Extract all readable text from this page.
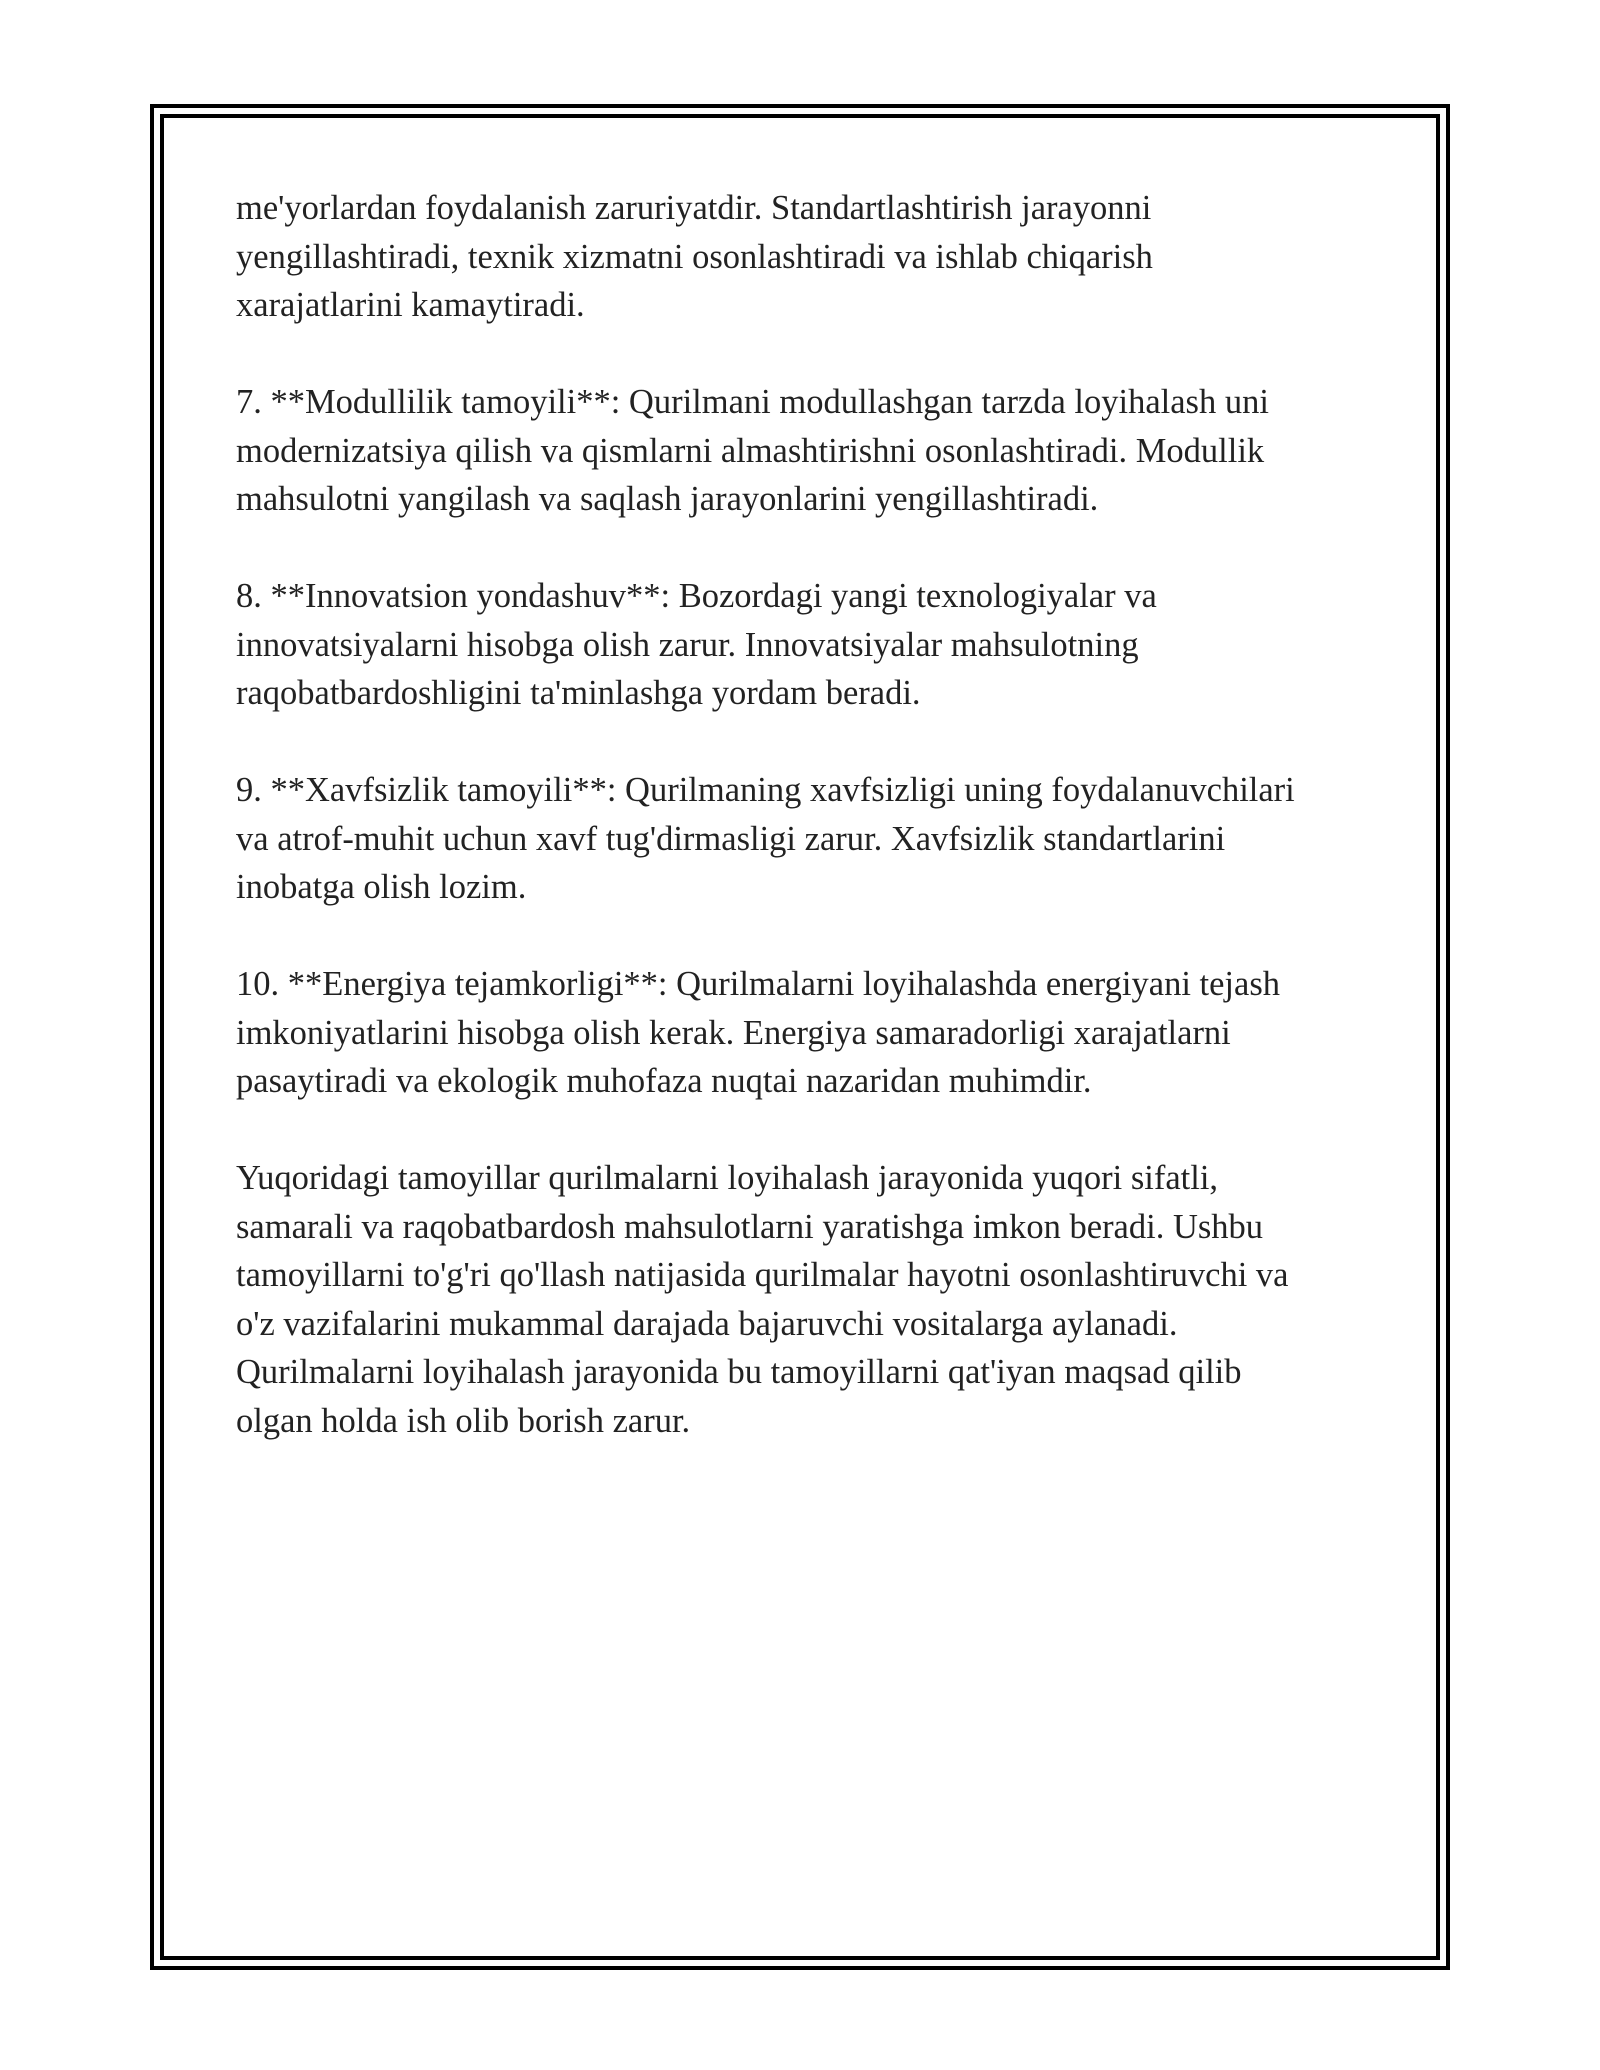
me'yorlardan foydalanish zaruriyatdir. Standartlashtirish jarayonni
yengillashtiradi, texnik xizmatni osonlashtiradi va ishlab chiqarish
xarajatlarini kamaytiradi.

7. **Modullilik tamoyili**: Qurilmani modullashgan tarzda loyihalash uni
modernizatsiya qilish va qismlarni almashtirishni osonlashtiradi. Modullik
mahsulotni yangilash va saqlash jarayonlarini yengillashtiradi.

8. **Innovatsion yondashuv**: Bozordagi yangi texnologiyalar va
innovatsiyalarni hisobga olish zarur. Innovatsiyalar mahsulotning
raqobatbardoshligini ta'minlashga yordam beradi.

9. **Xavfsizlik tamoyili**: Qurilmaning xavfsizligi uning foydalanuvchilari
va atrof-muhit uchun xavf tug'dirmasligi zarur. Xavfsizlik standartlarini
inobatga olish lozim.

10. **Energiya tejamkorligi**: Qurilmalarni loyihalashda energiyani tejash
imkoniyatlarini hisobga olish kerak. Energiya samaradorligi xarajatlarni
pasaytiradi va ekologik muhofaza nuqtai nazaridan muhimdir.

Yuqoridagi tamoyillar qurilmalarni loyihalash jarayonida yuqori sifatli,
samarali va raqobatbardosh mahsulotlarni yaratishga imkon beradi. Ushbu
tamoyillarni to'g'ri qo'llash natijasida qurilmalar hayotni osonlashtiruvchi va
o'z vazifalarini mukammal darajada bajaruvchi vositalarga aylanadi.
Qurilmalarni loyihalash jarayonida bu tamoyillarni qat'iyan maqsad qilib
olgan holda ish olib borish zarur.
